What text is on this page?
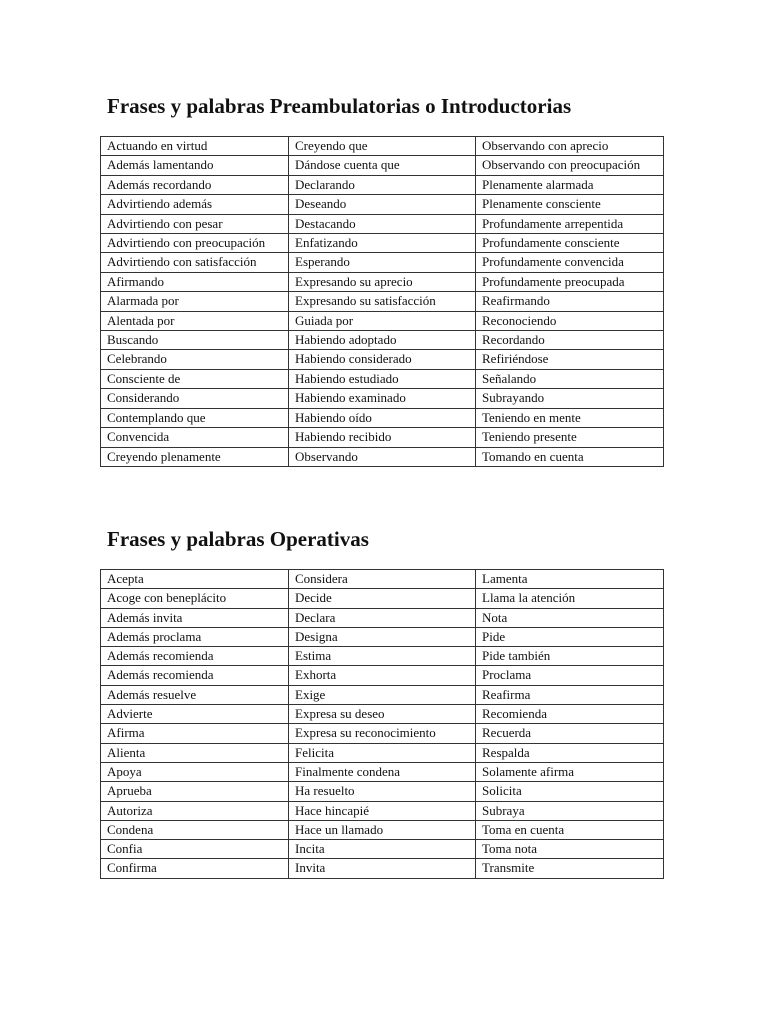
Frases y palabras Preambulatorias o Introductorias
Actuando en virtud	Creyendo que	Observando con aprecio
Además lamentando	Dándose cuenta que	Observando con preocupación
Además recordando	Declarando	Plenamente alarmada
Advirtiendo además	Deseando	Plenamente consciente
Advirtiendo con pesar	Destacando	Profundamente arrepentida
Advirtiendo con preocupación	Enfatizando	Profundamente consciente
Advirtiendo con satisfacción	Esperando	Profundamente convencida
Afirmando	Expresando su aprecio	Profundamente preocupada
Alarmada por	Expresando su satisfacción	Reafirmando
Alentada por	Guiada por	Reconociendo
Buscando	Habiendo adoptado	Recordando
Celebrando	Habiendo considerado	Refiriéndose
Consciente de	Habiendo estudiado	Señalando
Considerando	Habiendo examinado	Subrayando
Contemplando que	Habiendo oído	Teniendo en mente
Convencida	Habiendo recibido	Teniendo presente
Creyendo plenamente	Observando	Tomando en cuenta
Frases y palabras Operativas
Acepta	Considera	Lamenta
Acoge con beneplácito	Decide	Llama la atención
Además invita	Declara	Nota
Además proclama	Designa	Pide
Además recomienda	Estima	Pide también
Además recomienda	Exhorta	Proclama
Además resuelve	Exige	Reafirma
Advierte	Expresa su deseo	Recomienda
Afirma	Expresa su reconocimiento	Recuerda
Alienta	Felicita	Respalda
Apoya	Finalmente condena	Solamente afirma
Aprueba	Ha resuelto	Solicita
Autoriza	Hace hincapié	Subraya
Condena	Hace un llamado	Toma en cuenta
Confia	Incita	Toma nota
Confirma	Invita	Transmite
